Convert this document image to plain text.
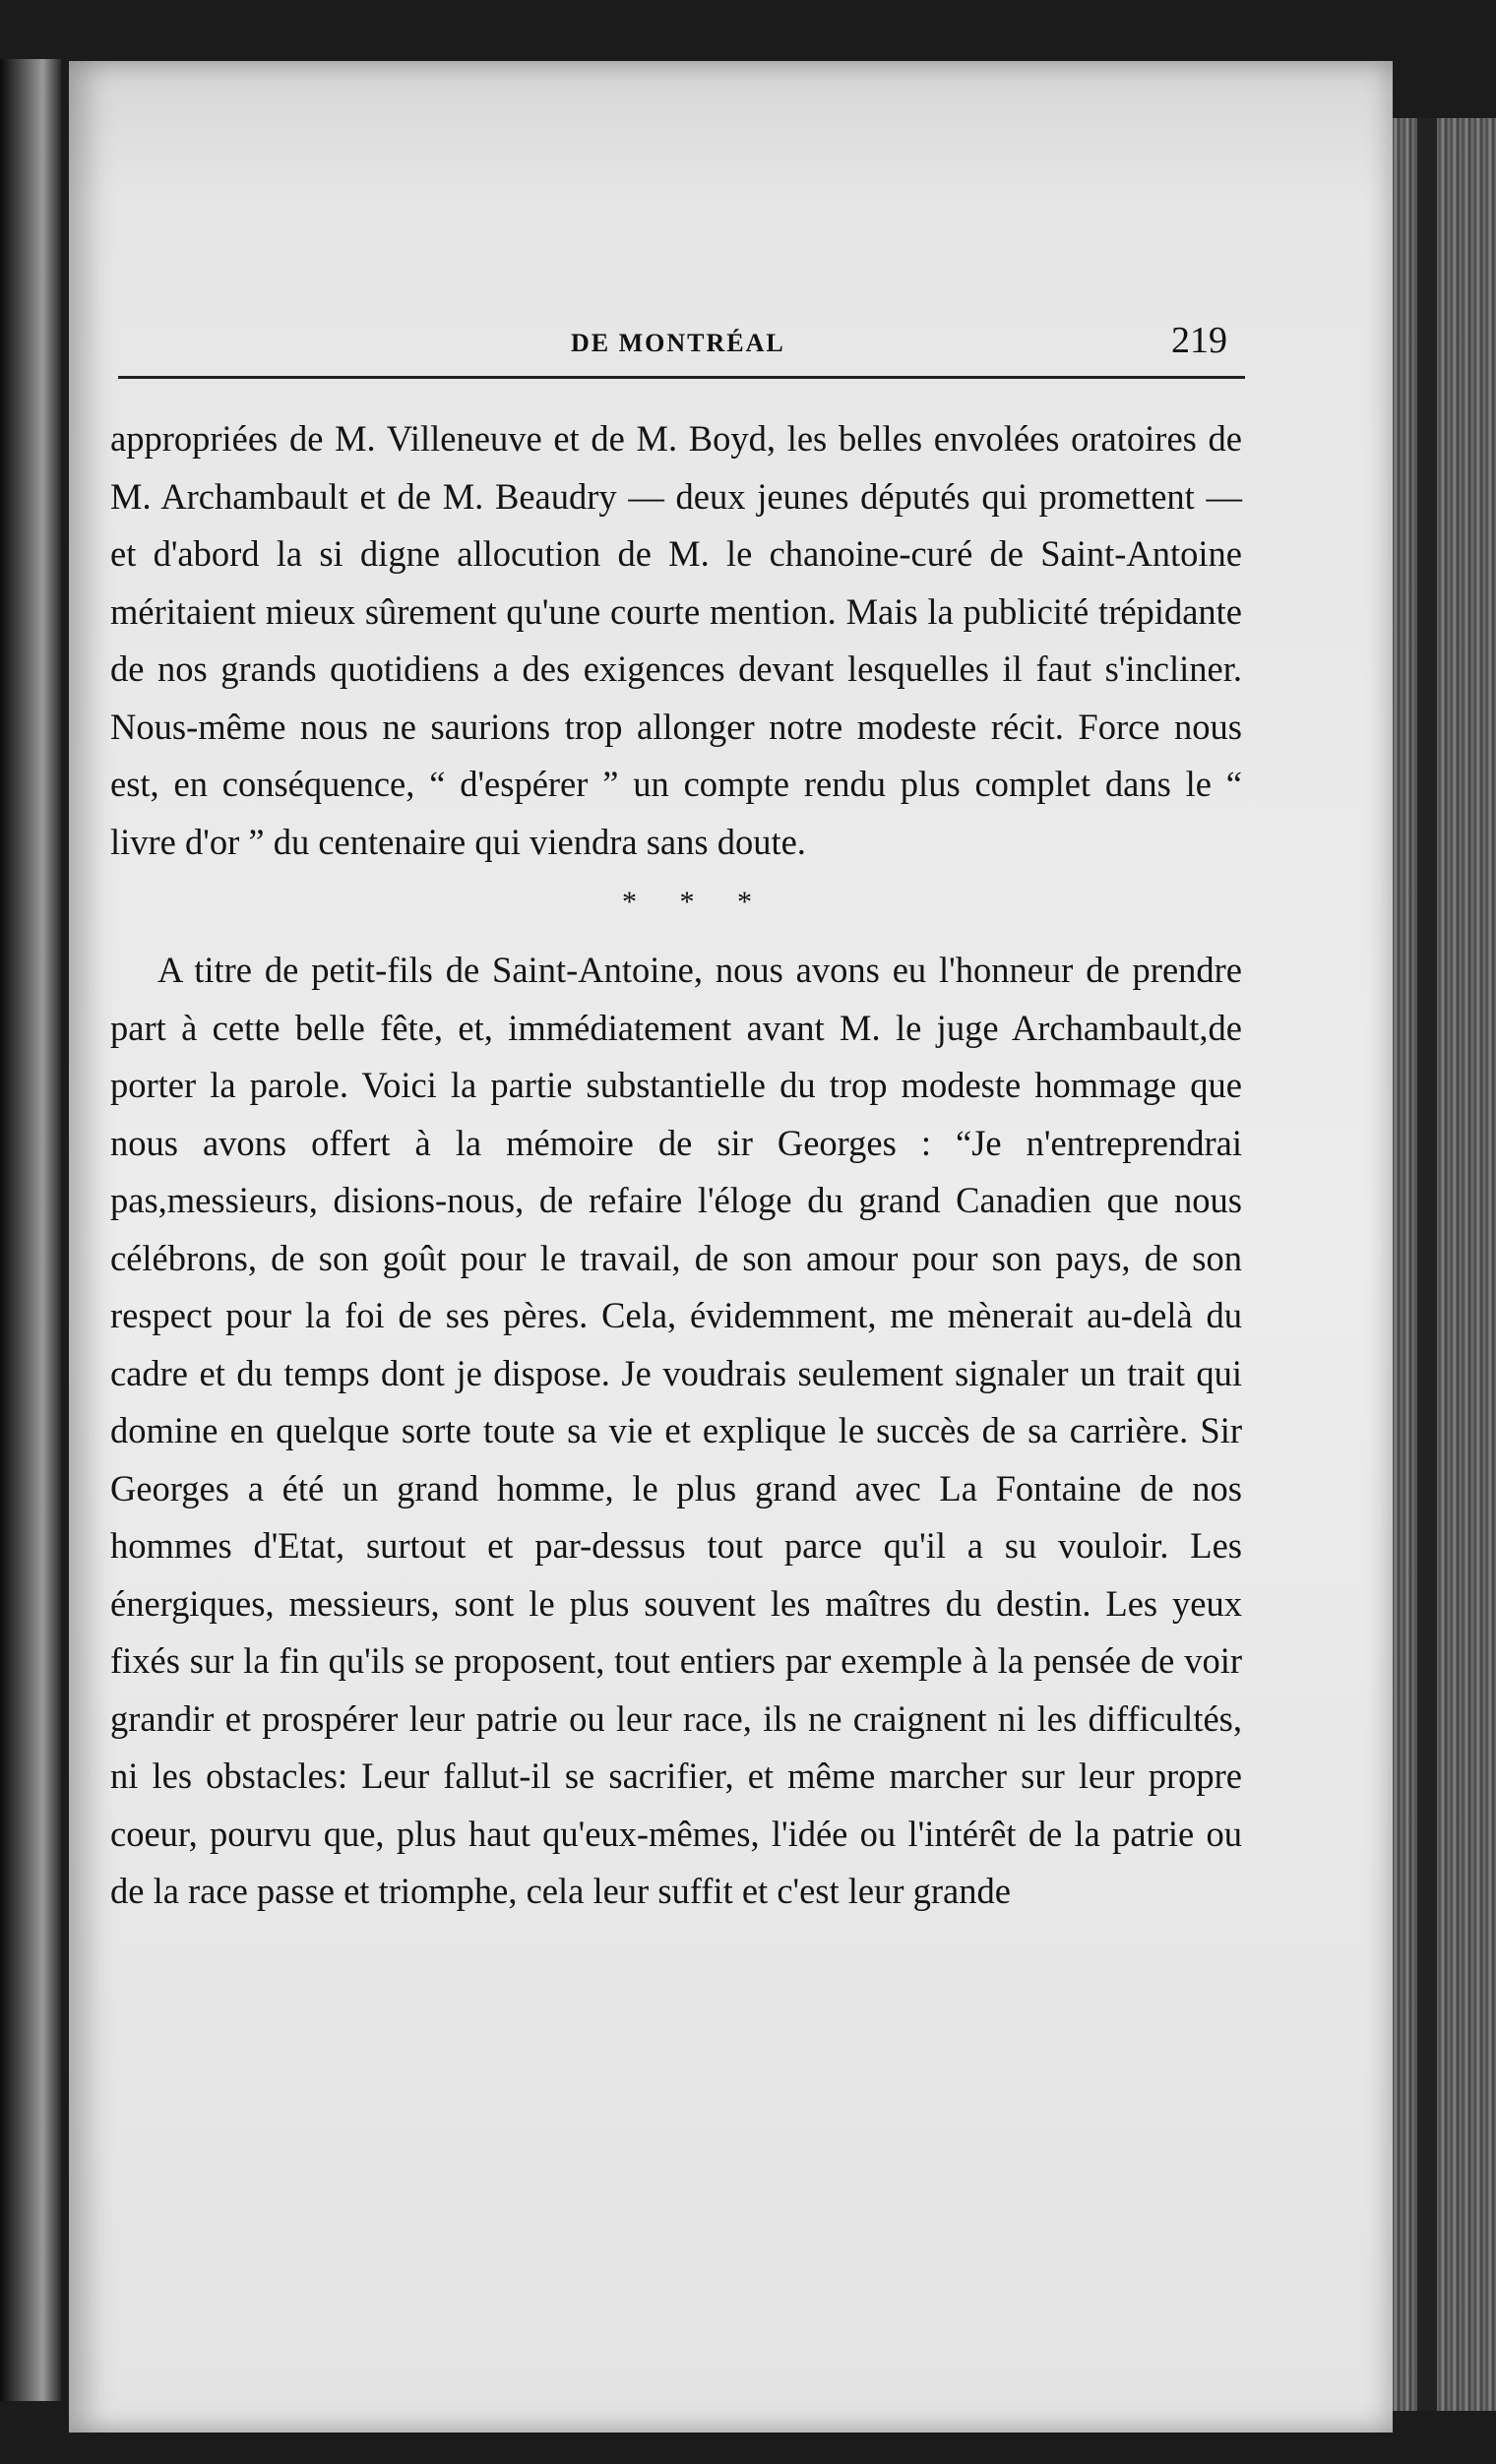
DE MONTRÉAL	219

appropriées de M. Villeneuve et de M. Boyd, les belles envolées oratoires de M. Archambault et de M. Beaudry — deux jeunes députés qui promettent — et d'abord la si digne allocution de M. le chanoine-curé de Saint-Antoine méritaient mieux sûrement qu'une courte mention. Mais la publicité trépidante de nos grands quotidiens a des exigences devant lesquelles il faut s'incliner. Nous-même nous ne saurions trop allonger notre modeste récit. Force nous est, en conséquence, “ d'espérer ” un compte rendu plus complet dans le “ livre d'or ” du centenaire qui viendra sans doute.

* * *

A titre de petit-fils de Saint-Antoine, nous avons eu l'honneur de prendre part à cette belle fête, et, immédiatement avant M. le juge Archambault,de porter la parole. Voici la partie substantielle du trop modeste hommage que nous avons offert à la mémoire de sir Georges : “Je n'entreprendrai pas,messieurs, disions-nous, de refaire l'éloge du grand Canadien que nous célébrons, de son goût pour le travail, de son amour pour son pays, de son respect pour la foi de ses pères. Cela, évidemment, me mènerait au-delà du cadre et du temps dont je dispose. Je voudrais seulement signaler un trait qui domine en quelque sorte toute sa vie et explique le succès de sa carrière. Sir Georges a été un grand homme, le plus grand avec La Fontaine de nos hommes d'Etat, surtout et par-dessus tout parce qu'il a su vouloir. Les énergiques, messieurs, sont le plus souvent les maîtres du destin. Les yeux fixés sur la fin qu'ils se proposent, tout entiers par exemple à la pensée de voir grandir et prospérer leur patrie ou leur race, ils ne craignent ni les difficultés, ni les obstacles: Leur fallut-il se sacrifier, et même marcher sur leur propre coeur, pourvu que, plus haut qu'eux-mêmes, l'idée ou l'intérêt de la patrie ou de la race passe et triomphe, cela leur suffit et c'est leur grande
